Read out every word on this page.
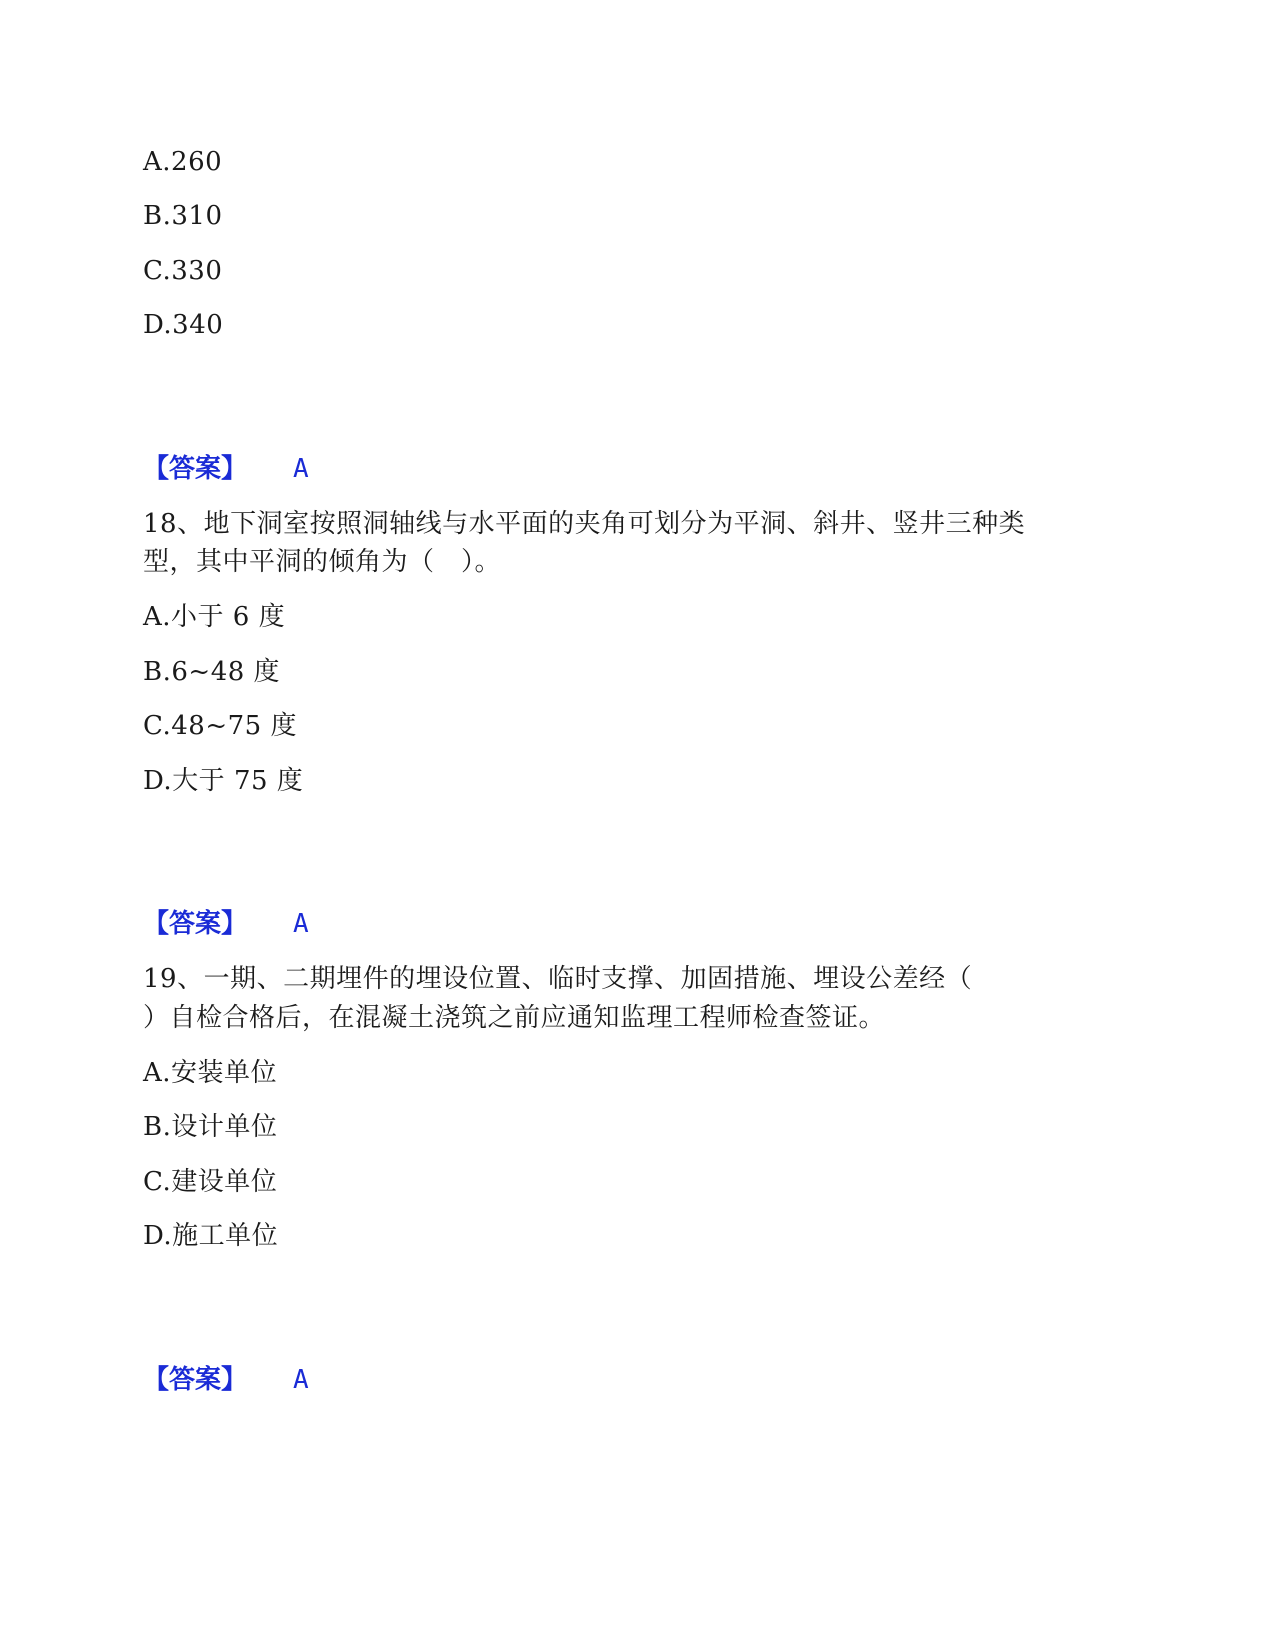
A.260
B.310
C.330
D.340
【答案】 A
18、地下洞室按照洞轴线与水平面的夹角可划分为平洞、斜井、竖井三种类
型，其中平洞的倾角为（　）。
A.小于 6 度
B.6~48 度
C.48~75 度
D.大于 75 度
【答案】 A
19、一期、二期埋件的埋设位置、临时支撑、加固措施、埋设公差经（
）自检合格后，在混凝土浇筑之前应通知监理工程师检查签证。
A.安装单位
B.设计单位
C.建设单位
D.施工单位
【答案】 A
